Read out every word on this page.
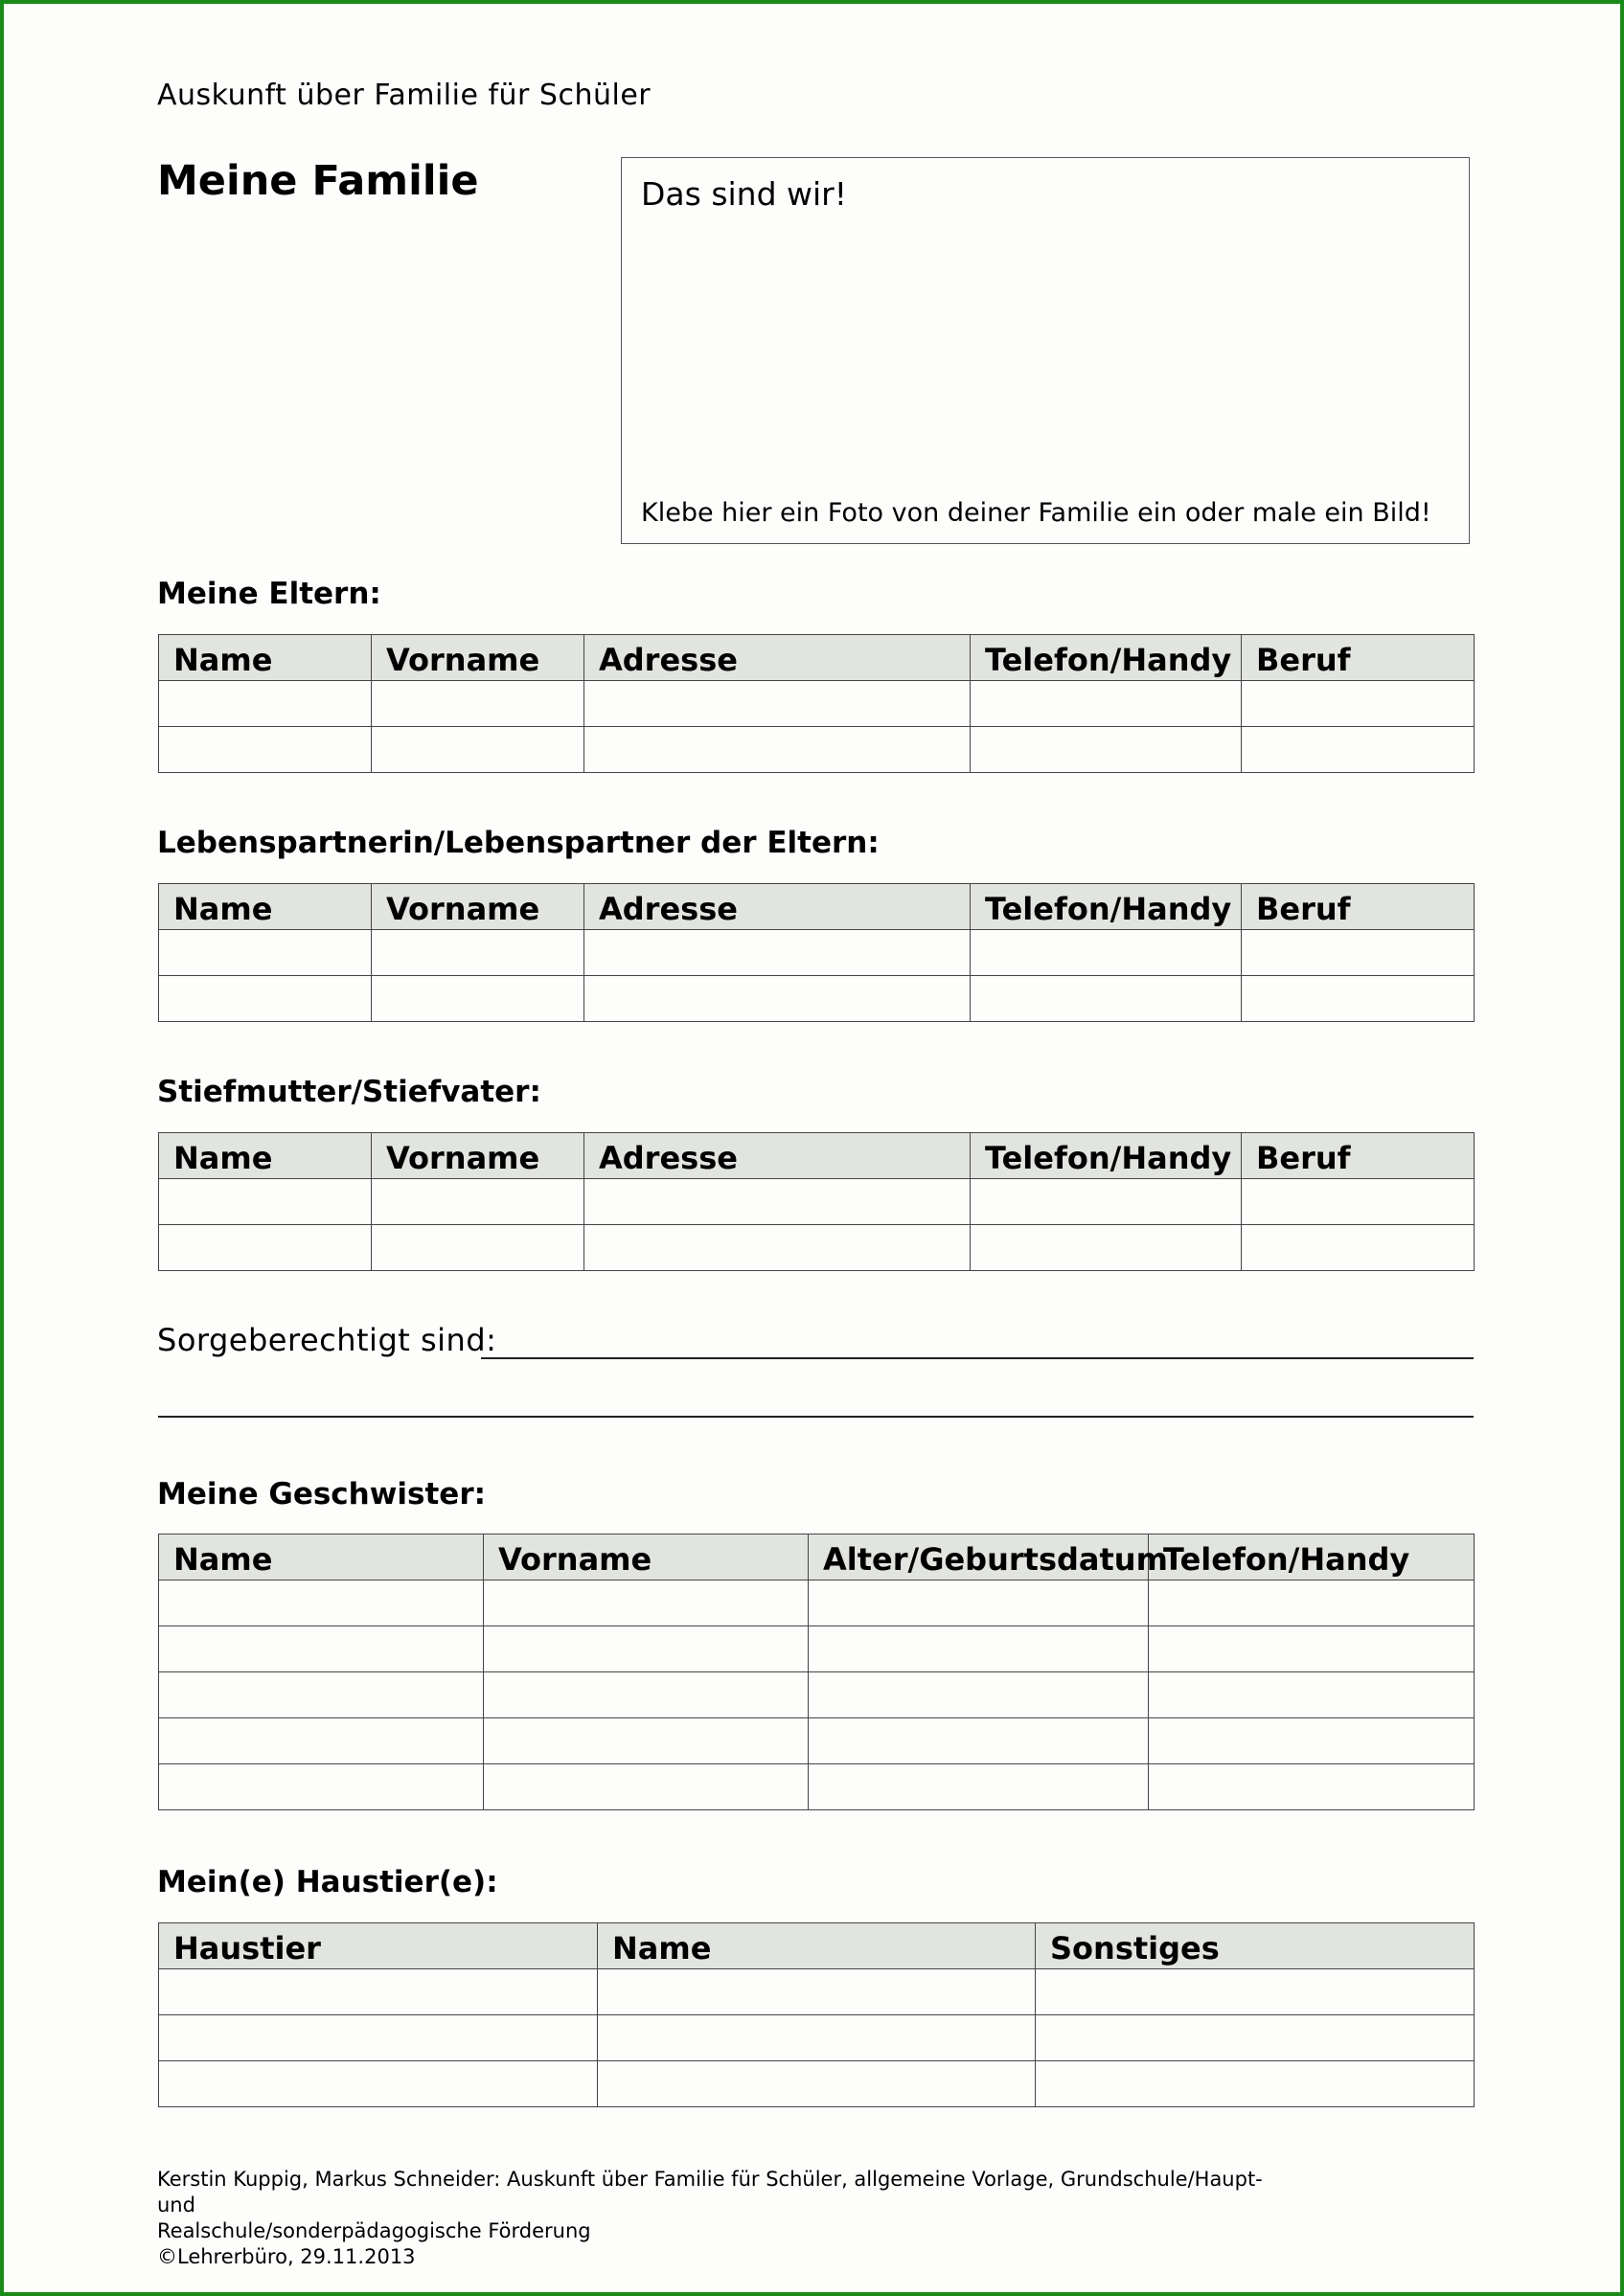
Auskunft über Familie für Schüler
Meine Familie	Das sind wir!
Klebe hier ein Foto von deiner Familie ein oder male ein Bild!
Meine Eltern:
Name	Vorname	Adresse	Telefon/Handy	Beruf

Lebenspartnerin/Lebenspartner der Eltern:
Name	Vorname	Adresse	Telefon/Handy	Beruf

Stiefmutter/Stiefvater:
Name	Vorname	Adresse	Telefon/Handy	Beruf

Sorgeberechtigt sind:
Meine Geschwister:
Name	Vorname	Alter/Geburtsdatum	Telefon/Handy

Mein(e) Haustier(e):
Haustier	Name	Sonstiges

Kerstin Kuppig, Markus Schneider: Auskunft über Familie für Schüler, allgemeine Vorlage, Grundschule/Haupt- und
Realschule/sonderpädagogische Förderung
©Lehrerbüro, 29.11.2013
